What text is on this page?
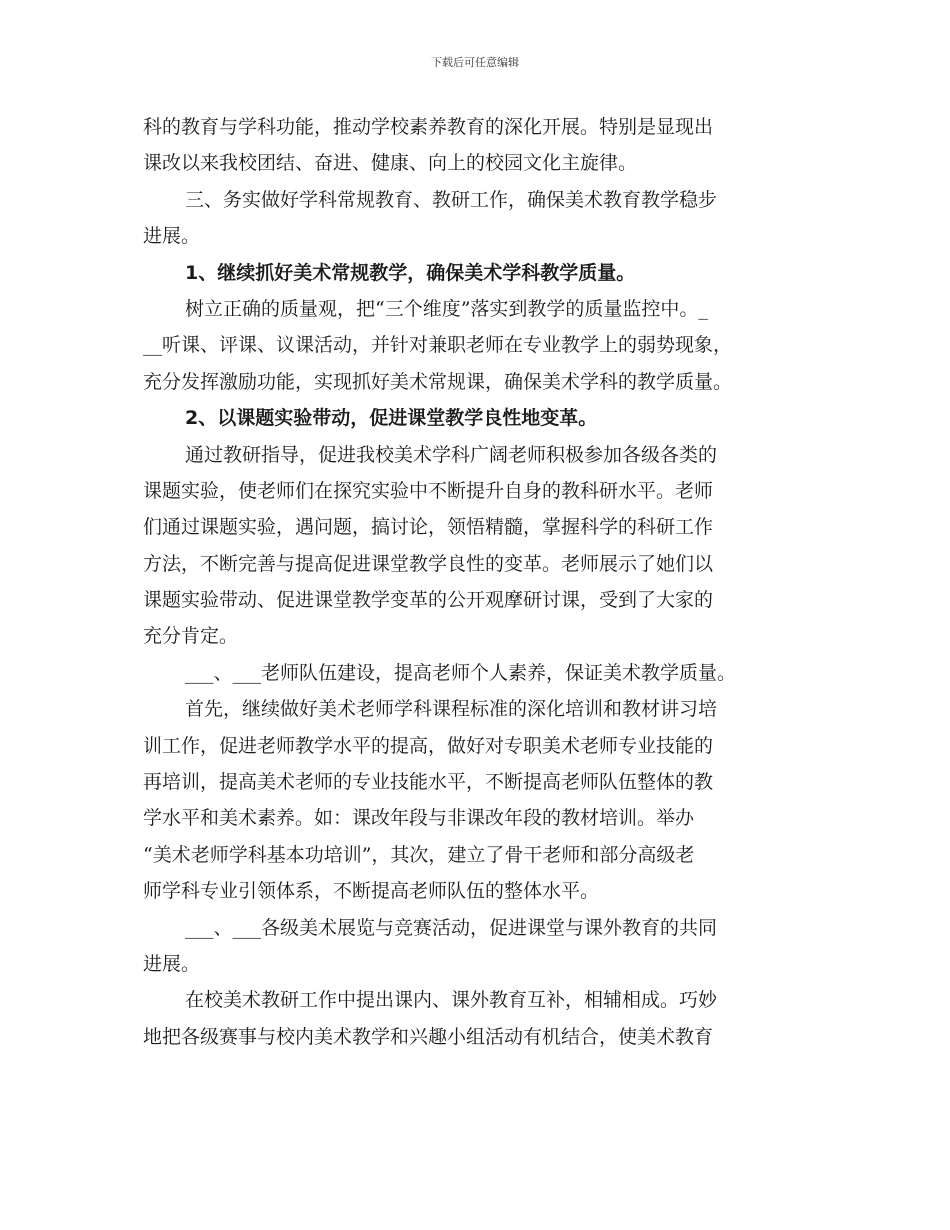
下载后可任意编辑
科的教育与学科功能，推动学校素养教育的深化开展。特别是显现出
课改以来我校团结、奋进、健康、向上的校园文化主旋律。
三、务实做好学科常规教育、教研工作，确保美术教育教学稳步
进展。
1、继续抓好美术常规教学，确保美术学科教学质量。
树立正确的质量观，把“三个维度”落实到教学的质量监控中。_
__听课、评课、议课活动，并针对兼职老师在专业教学上的弱势现象，
充分发挥激励功能，实现抓好美术常规课，确保美术学科的教学质量。
2、以课题实验带动，促进课堂教学良性地变革。
通过教研指导，促进我校美术学科广阔老师积极参加各级各类的
课题实验，使老师们在探究实验中不断提升自身的教科研水平。老师
们通过课题实验，遇问题，搞讨论，领悟精髓，掌握科学的科研工作
方法，不断完善与提高促进课堂教学良性的变革。老师展示了她们以
课题实验带动、促进课堂教学变革的公开观摩研讨课，受到了大家的
充分肯定。
___、___老师队伍建设，提高老师个人素养，保证美术教学质量。
首先，继续做好美术老师学科课程标准的深化培训和教材讲习培
训工作，促进老师教学水平的提高，做好对专职美术老师专业技能的
再培训，提高美术老师的专业技能水平，不断提高老师队伍整体的教
学水平和美术素养。如：课改年段与非课改年段的教材培训。举办
“美术老师学科基本功培训”，其次，建立了骨干老师和部分高级老
师学科专业引领体系，不断提高老师队伍的整体水平。
___、___各级美术展览与竞赛活动，促进课堂与课外教育的共同
进展。
在校美术教研工作中提出课内、课外教育互补，相辅相成。巧妙
地把各级赛事与校内美术教学和兴趣小组活动有机结合，使美术教育
